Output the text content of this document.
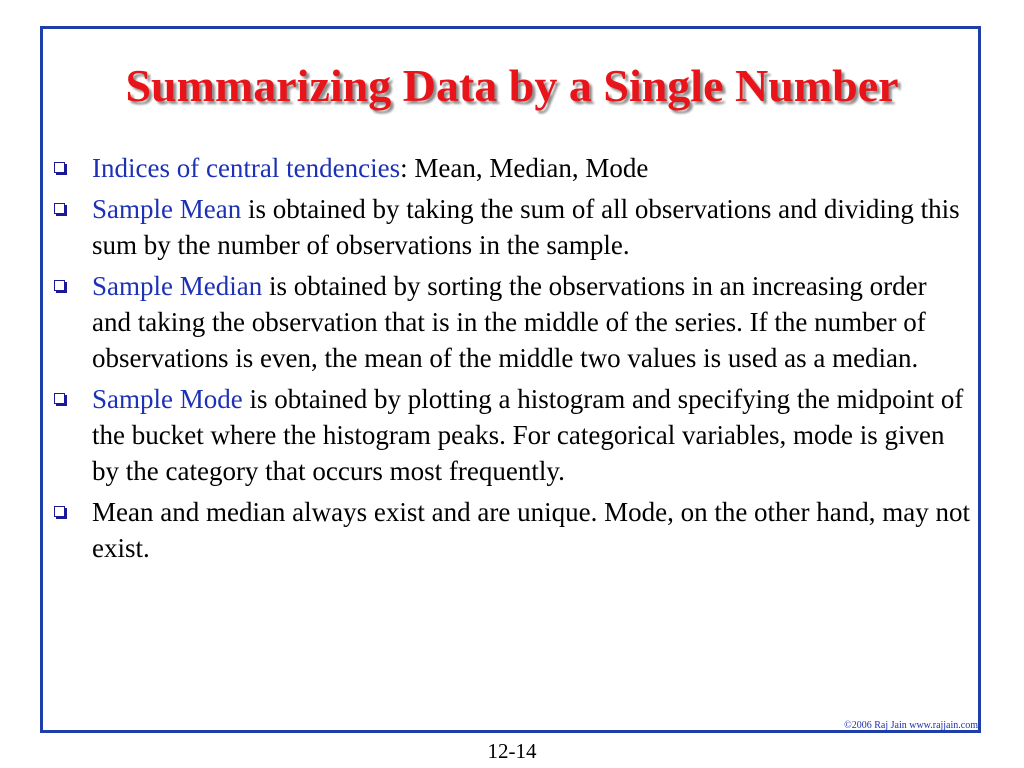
Summarizing Data by a Single Number
Indices of central tendencies: Mean, Median, Mode
Sample Mean is obtained by taking the sum of all observations and dividing this sum by the number of observations in the sample.
Sample Median is obtained by sorting the observations in an increasing order and taking the observation that is in the middle of the series. If the number of observations is even, the mean of the middle two values is used as a median.
Sample Mode is obtained by plotting a histogram and specifying the midpoint of the bucket where the histogram peaks. For categorical variables, mode is given by the category that occurs most frequently.
Mean and median always exist and are unique. Mode, on the other hand, may not exist.
©2006 Raj Jain www.rajjain.com
12-14
